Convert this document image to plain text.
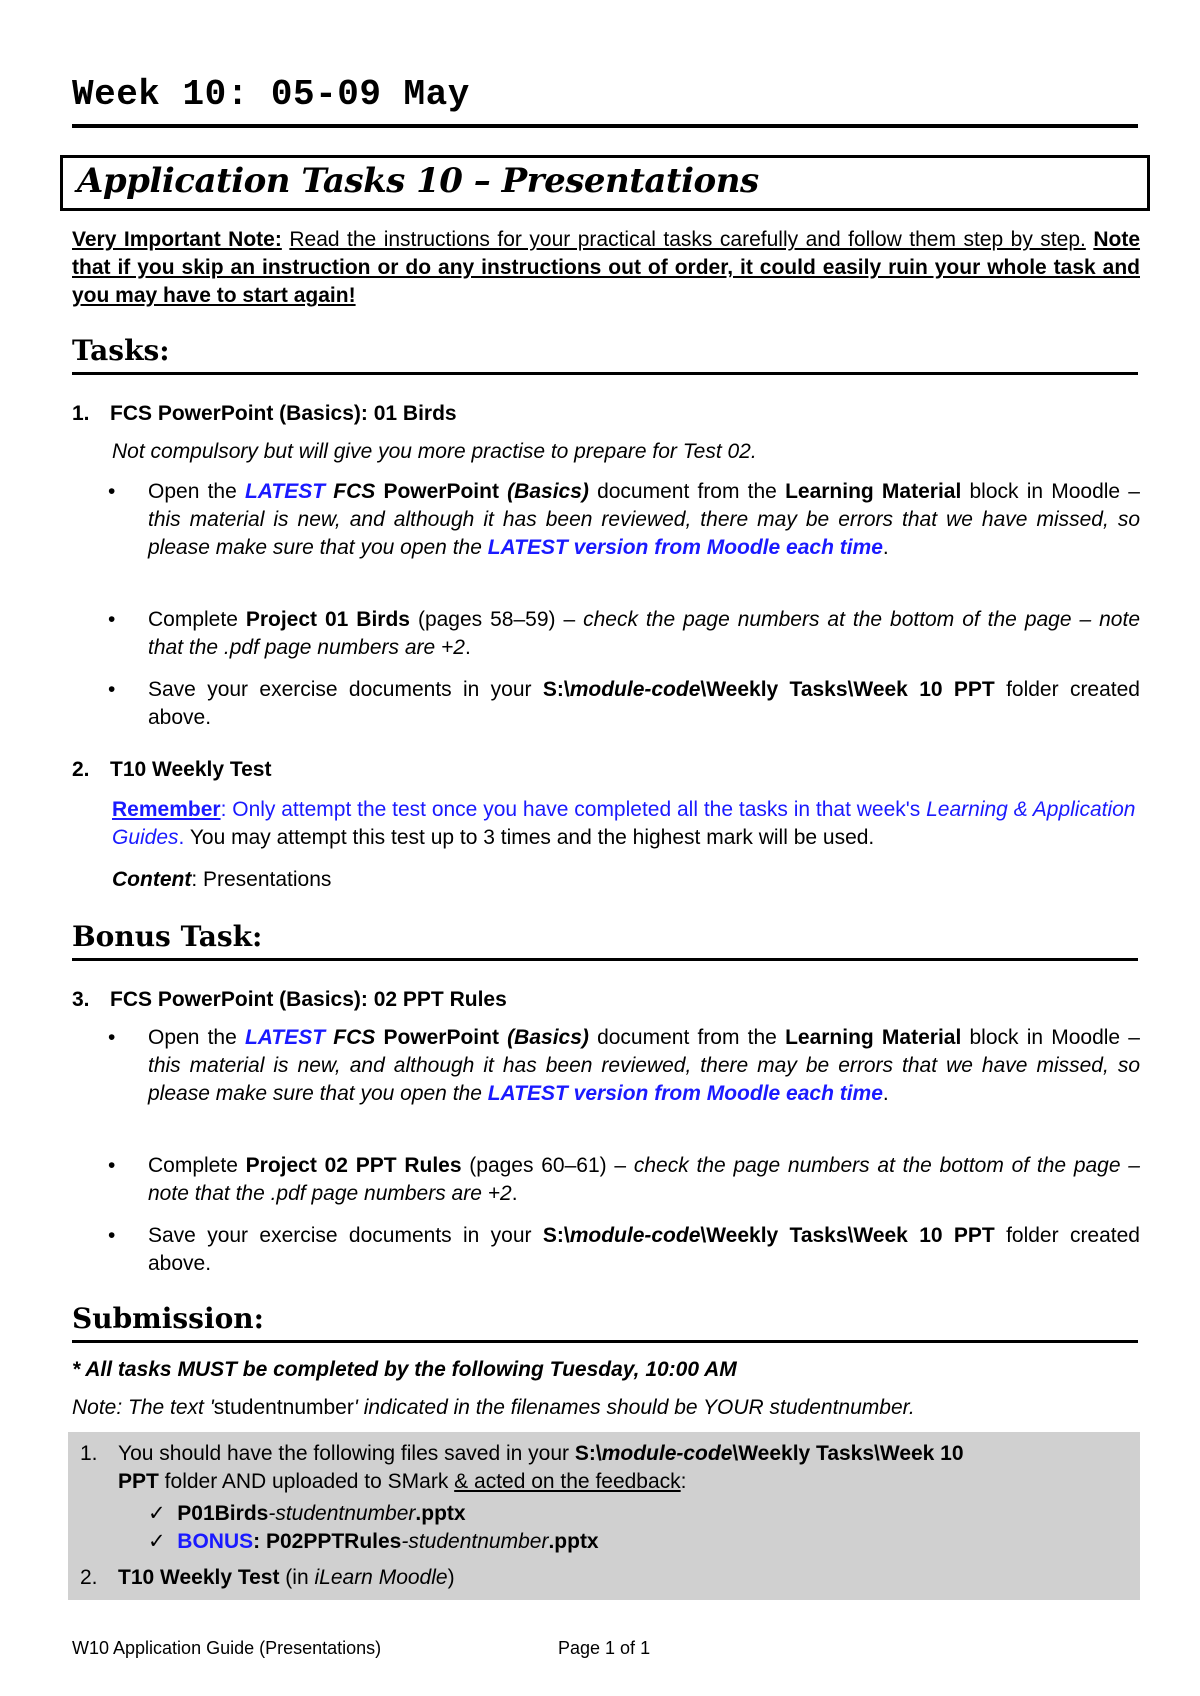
Week 10: 05-09 May
Application Tasks 10 – Presentations
Very Important Note: Read the instructions for your practical tasks carefully and follow them step by step. Note that if you skip an instruction or do any instructions out of order, it could easily ruin your whole task and you may have to start again!
Tasks:
1. FCS PowerPoint (Basics): 01 Birds
Not compulsory but will give you more practise to prepare for Test 02.
• Open the LATEST FCS PowerPoint (Basics) document from the Learning Material block in Moodle – this material is new, and although it has been reviewed, there may be errors that we have missed, so please make sure that you open the LATEST version from Moodle each time.
• Complete Project 01 Birds (pages 58–59) – check the page numbers at the bottom of the page – note that the .pdf page numbers are +2.
• Save your exercise documents in your S:\module-code\Weekly Tasks\Week 10 PPT folder created above.
2. T10 Weekly Test
Remember: Only attempt the test once you have completed all the tasks in that week's Learning & Application Guides. You may attempt this test up to 3 times and the highest mark will be used.
Content: Presentations
Bonus Task:
3. FCS PowerPoint (Basics): 02 PPT Rules
• Open the LATEST FCS PowerPoint (Basics) document from the Learning Material block in Moodle – this material is new, and although it has been reviewed, there may be errors that we have missed, so please make sure that you open the LATEST version from Moodle each time.
• Complete Project 02 PPT Rules (pages 60–61) – check the page numbers at the bottom of the page – note that the .pdf page numbers are +2.
• Save your exercise documents in your S:\module-code\Weekly Tasks\Week 10 PPT folder created above.
Submission:
* All tasks MUST be completed by the following Tuesday, 10:00 AM
Note: The text 'studentnumber' indicated in the filenames should be YOUR studentnumber.
1. You should have the following files saved in your S:\module-code\Weekly Tasks\Week 10
PPT folder AND uploaded to SMark & acted on the feedback:
✓ P01Birds-studentnumber.pptx
✓ BONUS: P02PPTRules-studentnumber.pptx
2. T10 Weekly Test (in iLearn Moodle)
W10 Application Guide (Presentations)	Page 1 of 1
